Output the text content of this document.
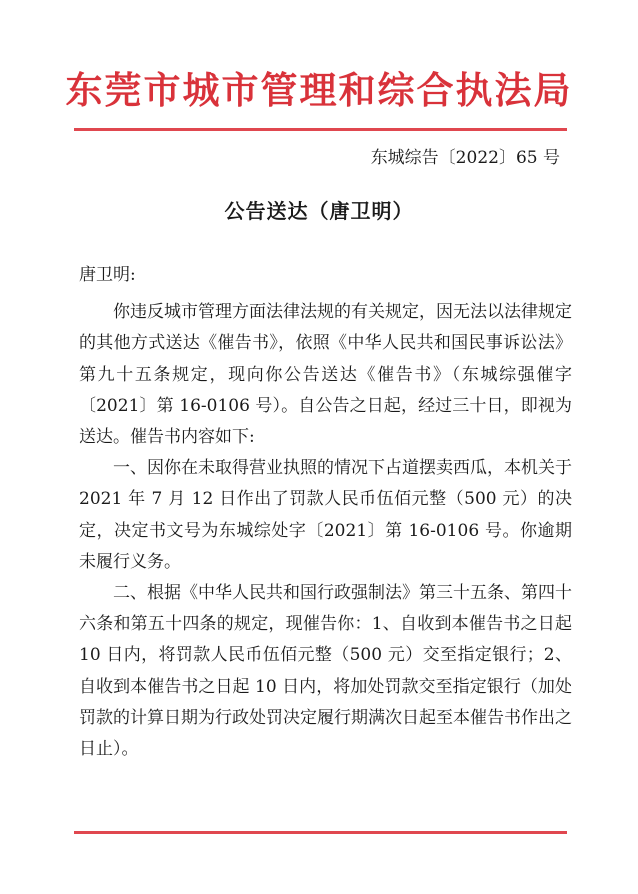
东莞市城市管理和综合执法局
东城综告〔2022〕65 号
公告送达（唐卫明）

唐卫明:

你违反城市管理方面法律法规的有关规定，因无法以法律规定的其他方式送达《催告书》，依照《中华人民共和国民事诉讼法》第九十五条规定，现向你公告送达《催告书》（东城综强催字〔2021〕第 16-0106 号）。自公告之日起，经过三十日，即视为送达。催告书内容如下:

一、因你在未取得营业执照的情况下占道摆卖西瓜，本机关于 2021 年 7 月 12 日作出了罚款人民币伍佰元整（500 元）的决定，决定书文号为东城综处字〔2021〕第 16-0106 号。你逾期未履行义务。

二、根据《中华人民共和国行政强制法》第三十五条、第四十六条和第五十四条的规定，现催告你：1、自收到本催告书之日起 10 日内，将罚款人民币伍佰元整（500 元）交至指定银行；2、自收到本催告书之日起 10 日内，将加处罚款交至指定银行（加处罚款的计算日期为行政处罚决定履行期满次日起至本催告书作出之日止）。
